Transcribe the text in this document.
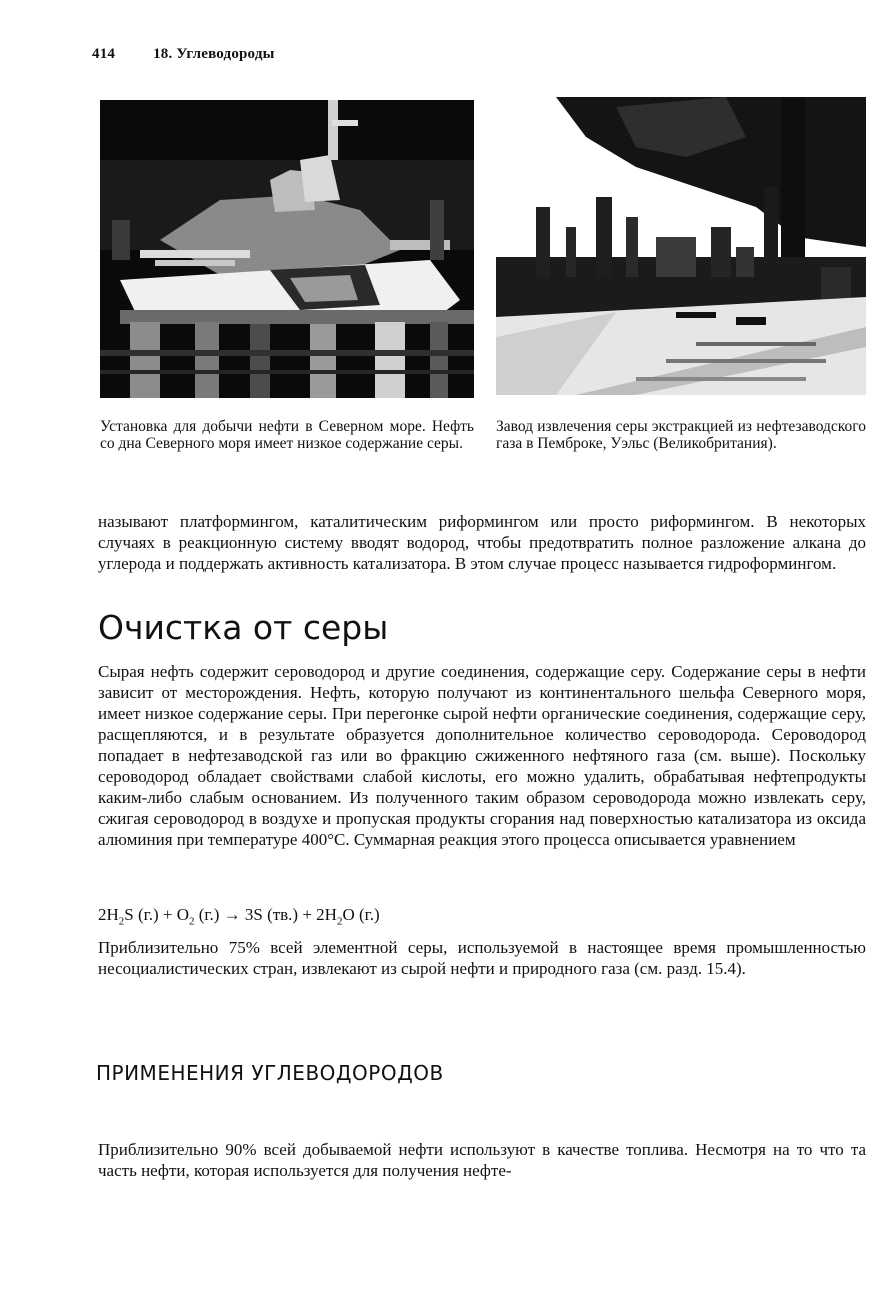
414	18. Углеводороды
Установка для добычи нефти в Северном море. Нефть со дна Северного моря имеет низкое содержание серы.
Завод извлечения серы экстракцией из нефтезаводского газа в Пемброке, Уэльс (Великобритания).

называют платформингом, каталитическим риформингом или просто риформингом. В некоторых случаях в реакционную систему вводят водород, чтобы предотвратить полное разложение алкана до углерода и поддержать активность катализатора. В этом случае процесс называется гидроформингом.

Очистка от серы

Сырая нефть содержит сероводород и другие соединения, содержащие серу. Содержание серы в нефти зависит от месторождения. Нефть, которую получают из континентального шельфа Северного моря, имеет низкое содержание серы. При перегонке сырой нефти органические соединения, содержащие серу, расщепляются, и в результате образуется дополнительное количество сероводорода. Сероводород попадает в нефтезаводской газ или во фракцию сжиженного нефтяного газа (см. выше). Поскольку сероводород обладает свойствами слабой кислоты, его можно удалить, обрабатывая нефтепродукты каким-либо слабым основанием. Из полученного таким образом сероводорода можно извлекать серу, сжигая сероводород в воздухе и пропуская продукты сгорания над поверхностью катализатора из оксида алюминия при температуре 400°С. Суммарная реакция этого процесса описывается уравнением

$2H_2S$ $(г.) + O_2$ (г.) → 3S $(тв.) + 2H_2O$ (г.)

Приблизительно 75% всей элементной серы, используемой в настоящее время промышленностью несоциалистических стран, извлекают из сырой нефти и природного газа (см. разд. 15.4).

ПРИМЕНЕНИЯ УГЛЕВОДОРОДОВ

Приблизительно 90% всей добываемой нефти используют в качестве топлива. Несмотря на то что та часть нефти, которая используется для получения нефте-
